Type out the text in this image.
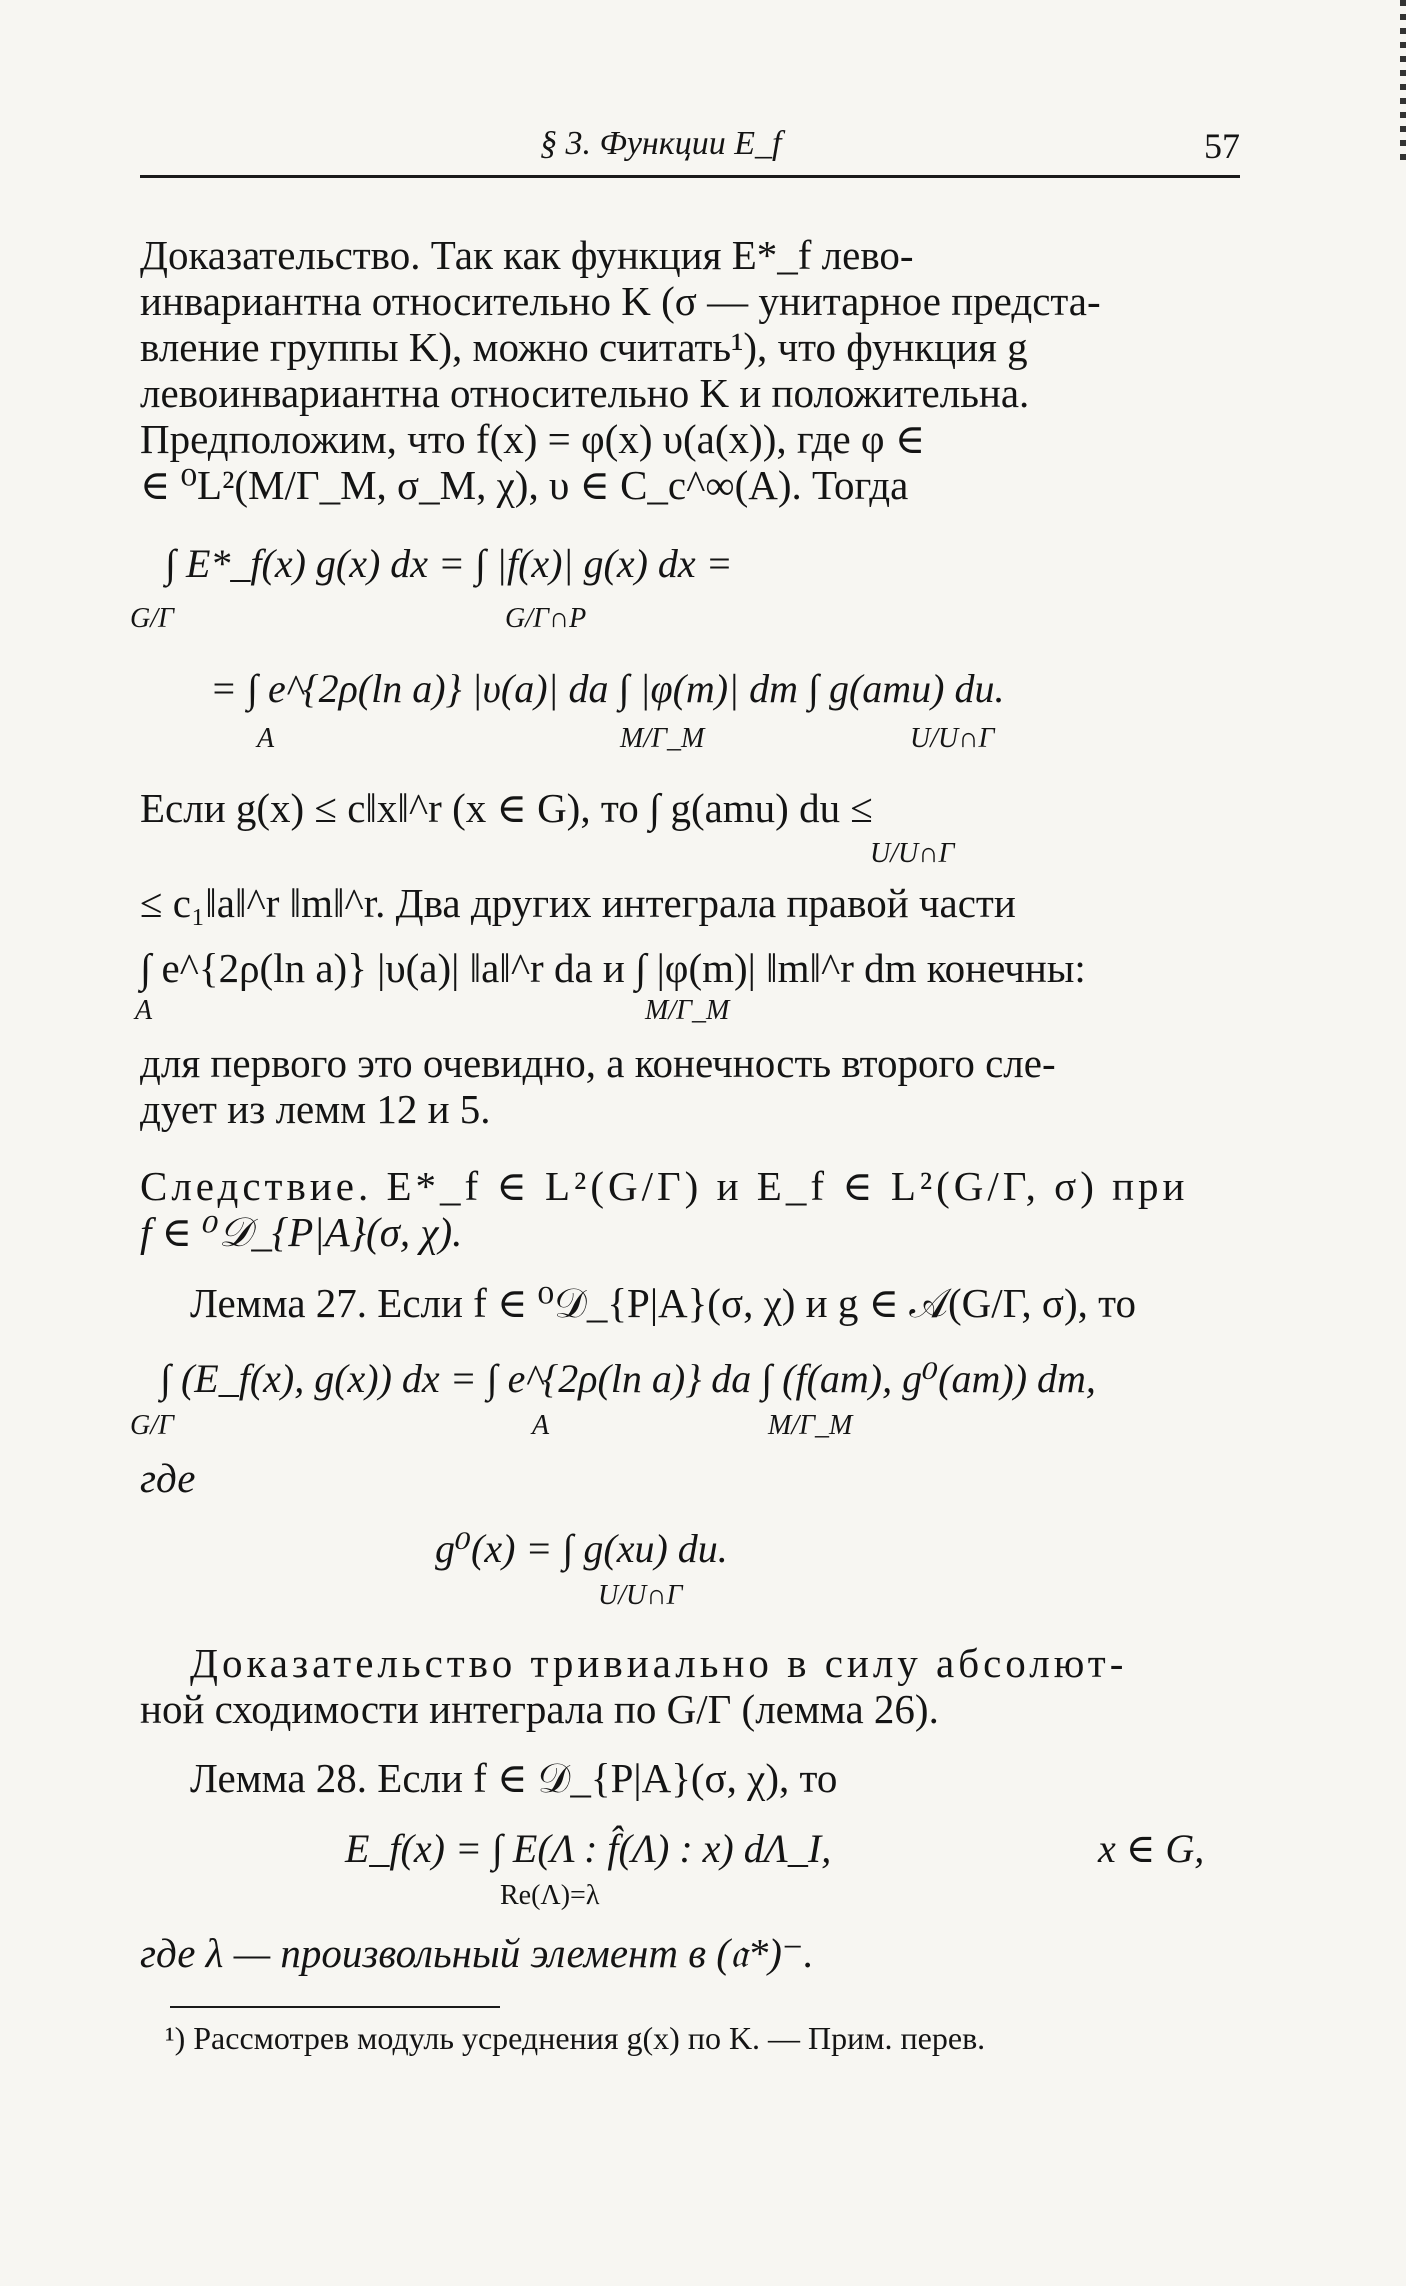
§ 3. Функции E_f	57

Доказательство. Так как функция E*_f лево-

инвариантна относительно K (σ — унитарное предста-

вление группы K), можно считать¹), что функция g

левоинвариантна относительно K и положительна.

Предположим, что f(x) = φ(x) υ(a(x)), где φ ∈

∈ ⁰L²(M/Γ_M, σ_M, χ), υ ∈ C_c^∞(A). Тогда

∫ E*_f(x) g(x) dx = ∫ |f(x)| g(x) dx =
G/Γ	G/Γ∩P
= ∫ e^{2ρ(ln a)} |υ(a)| da ∫ |φ(m)| dm ∫ g(amu) du.
A	M/Γ_M	U/U∩Γ

Если g(x) ≤ c‖x‖^r (x ∈ G), то ∫ g(amu) du ≤

U/U∩Γ

≤ c₁‖a‖^r ‖m‖^r. Два других интеграла правой части

∫ e^{2ρ(ln a)} |υ(a)| ‖a‖^r da и ∫ |φ(m)| ‖m‖^r dm конечны:

A	M/Γ_M

для первого это очевидно, а конечность второго сле-

дует из лемм 12 и 5.

Следствие. E*_f ∈ L²(G/Γ) и E_f ∈ L²(G/Γ, σ) при

f ∈ ⁰𝒟_{P|A}(σ, χ).

Лемма 27. Если f ∈ ⁰𝒟_{P|A}(σ, χ) и g ∈ 𝒜(G/Γ, σ), то

∫ (E_f(x), g(x)) dx = ∫ e^{2ρ(ln a)} da ∫ (f(am), g⁰(am)) dm,
G/Γ	A	M/Γ_M

где

g⁰(x) = ∫ g(xu) du.
U/U∩Γ

Доказательство тривиально в силу абсолют-

ной сходимости интеграла по G/Γ (лемма 26).

Лемма 28. Если f ∈ 𝒟_{P|A}(σ, χ), то

E_f(x) = ∫ E(Λ : f̂(Λ) : x) dΛ_I,	x ∈ G,
Re(Λ)=λ

где λ — произвольный элемент в (𝔞*)⁻.

¹) Рассмотрев модуль усреднения g(x) по K. — Прим. перев.
